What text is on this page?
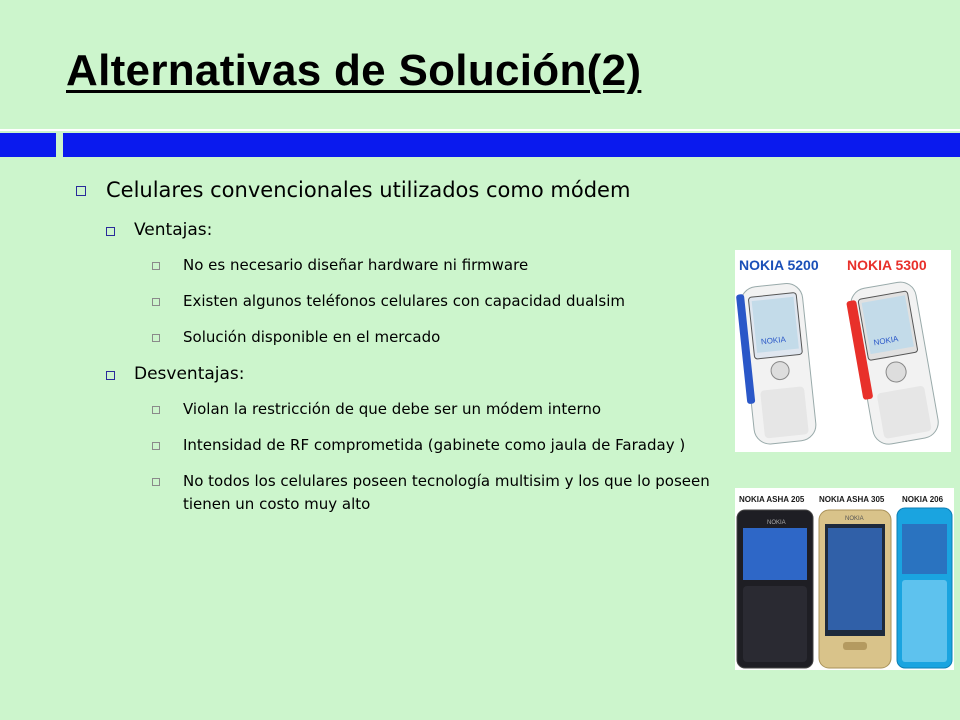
Alternativas de Solución(2)
Celulares convencionales utilizados como módem
Ventajas:
No es necesario diseñar hardware ni firmware
Existen algunos teléfonos celulares con capacidad dualsim
Solución disponible en el mercado
Desventajas:
Violan la restricción de que debe ser un módem interno
Intensidad de RF comprometida (gabinete como jaula de Faraday )
No todos los celulares poseen tecnología multisim y los que lo poseen tienen un costo muy alto
NOKIA 5200 NOKIA 5300
NOKIA	NOKIA
NOKIA ASHA 205 NOKIA ASHA 305 NOKIA 206
NOKIA
NOKIA
